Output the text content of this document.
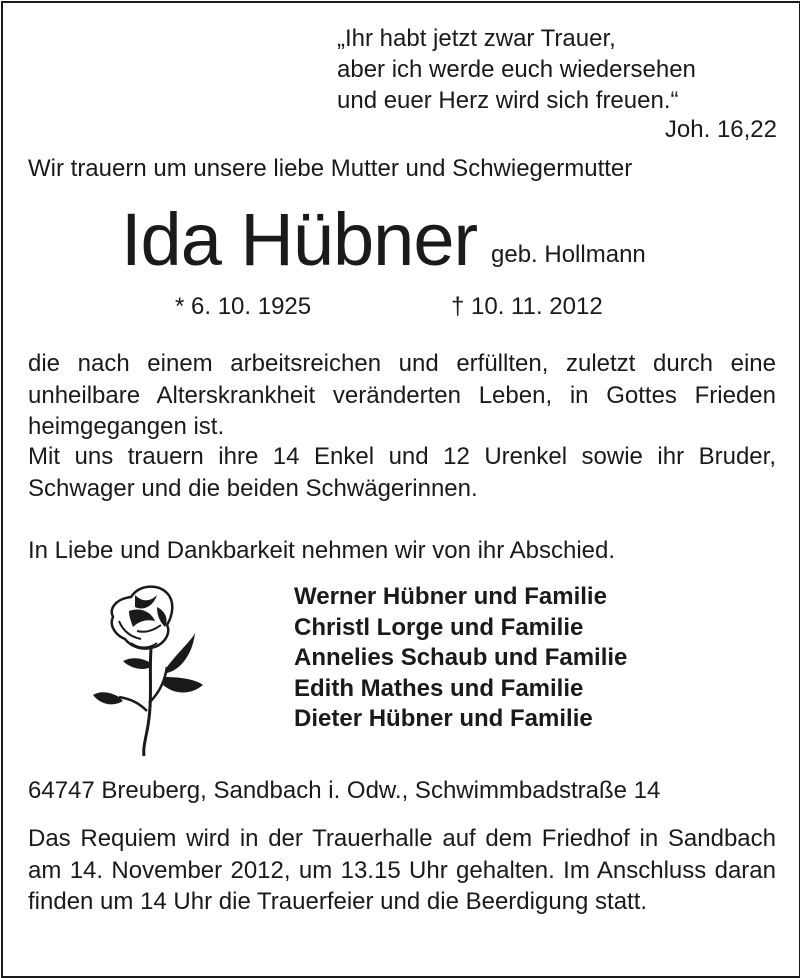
„Ihr habt jetzt zwar Trauer,
aber ich werde euch wiedersehen
und euer Herz wird sich freuen.“
Joh. 16,22
Wir trauern um unsere liebe Mutter und Schwiegermutter
Ida Hübner geb. Hollmann
* 6. 10. 1925	† 10. 11. 2012
die nach einem arbeitsreichen und erfüllten, zuletzt durch eine unheilbare Alterskrankheit veränderten Leben, in Gottes Frieden heimgegangen ist.
Mit uns trauern ihre 14 Enkel und 12 Urenkel sowie ihr Bruder, Schwager und die beiden Schwägerinnen.
In Liebe und Dankbarkeit nehmen wir von ihr Abschied.
Werner Hübner und Familie
Christl Lorge und Familie
Annelies Schaub und Familie
Edith Mathes und Familie
Dieter Hübner und Familie
64747 Breuberg, Sandbach i. Odw., Schwimmbadstraße 14
Das Requiem wird in der Trauerhalle auf dem Friedhof in Sandbach am 14. November 2012, um 13.15 Uhr gehalten. Im Anschluss daran finden um 14 Uhr die Trauerfeier und die Beerdigung statt.
